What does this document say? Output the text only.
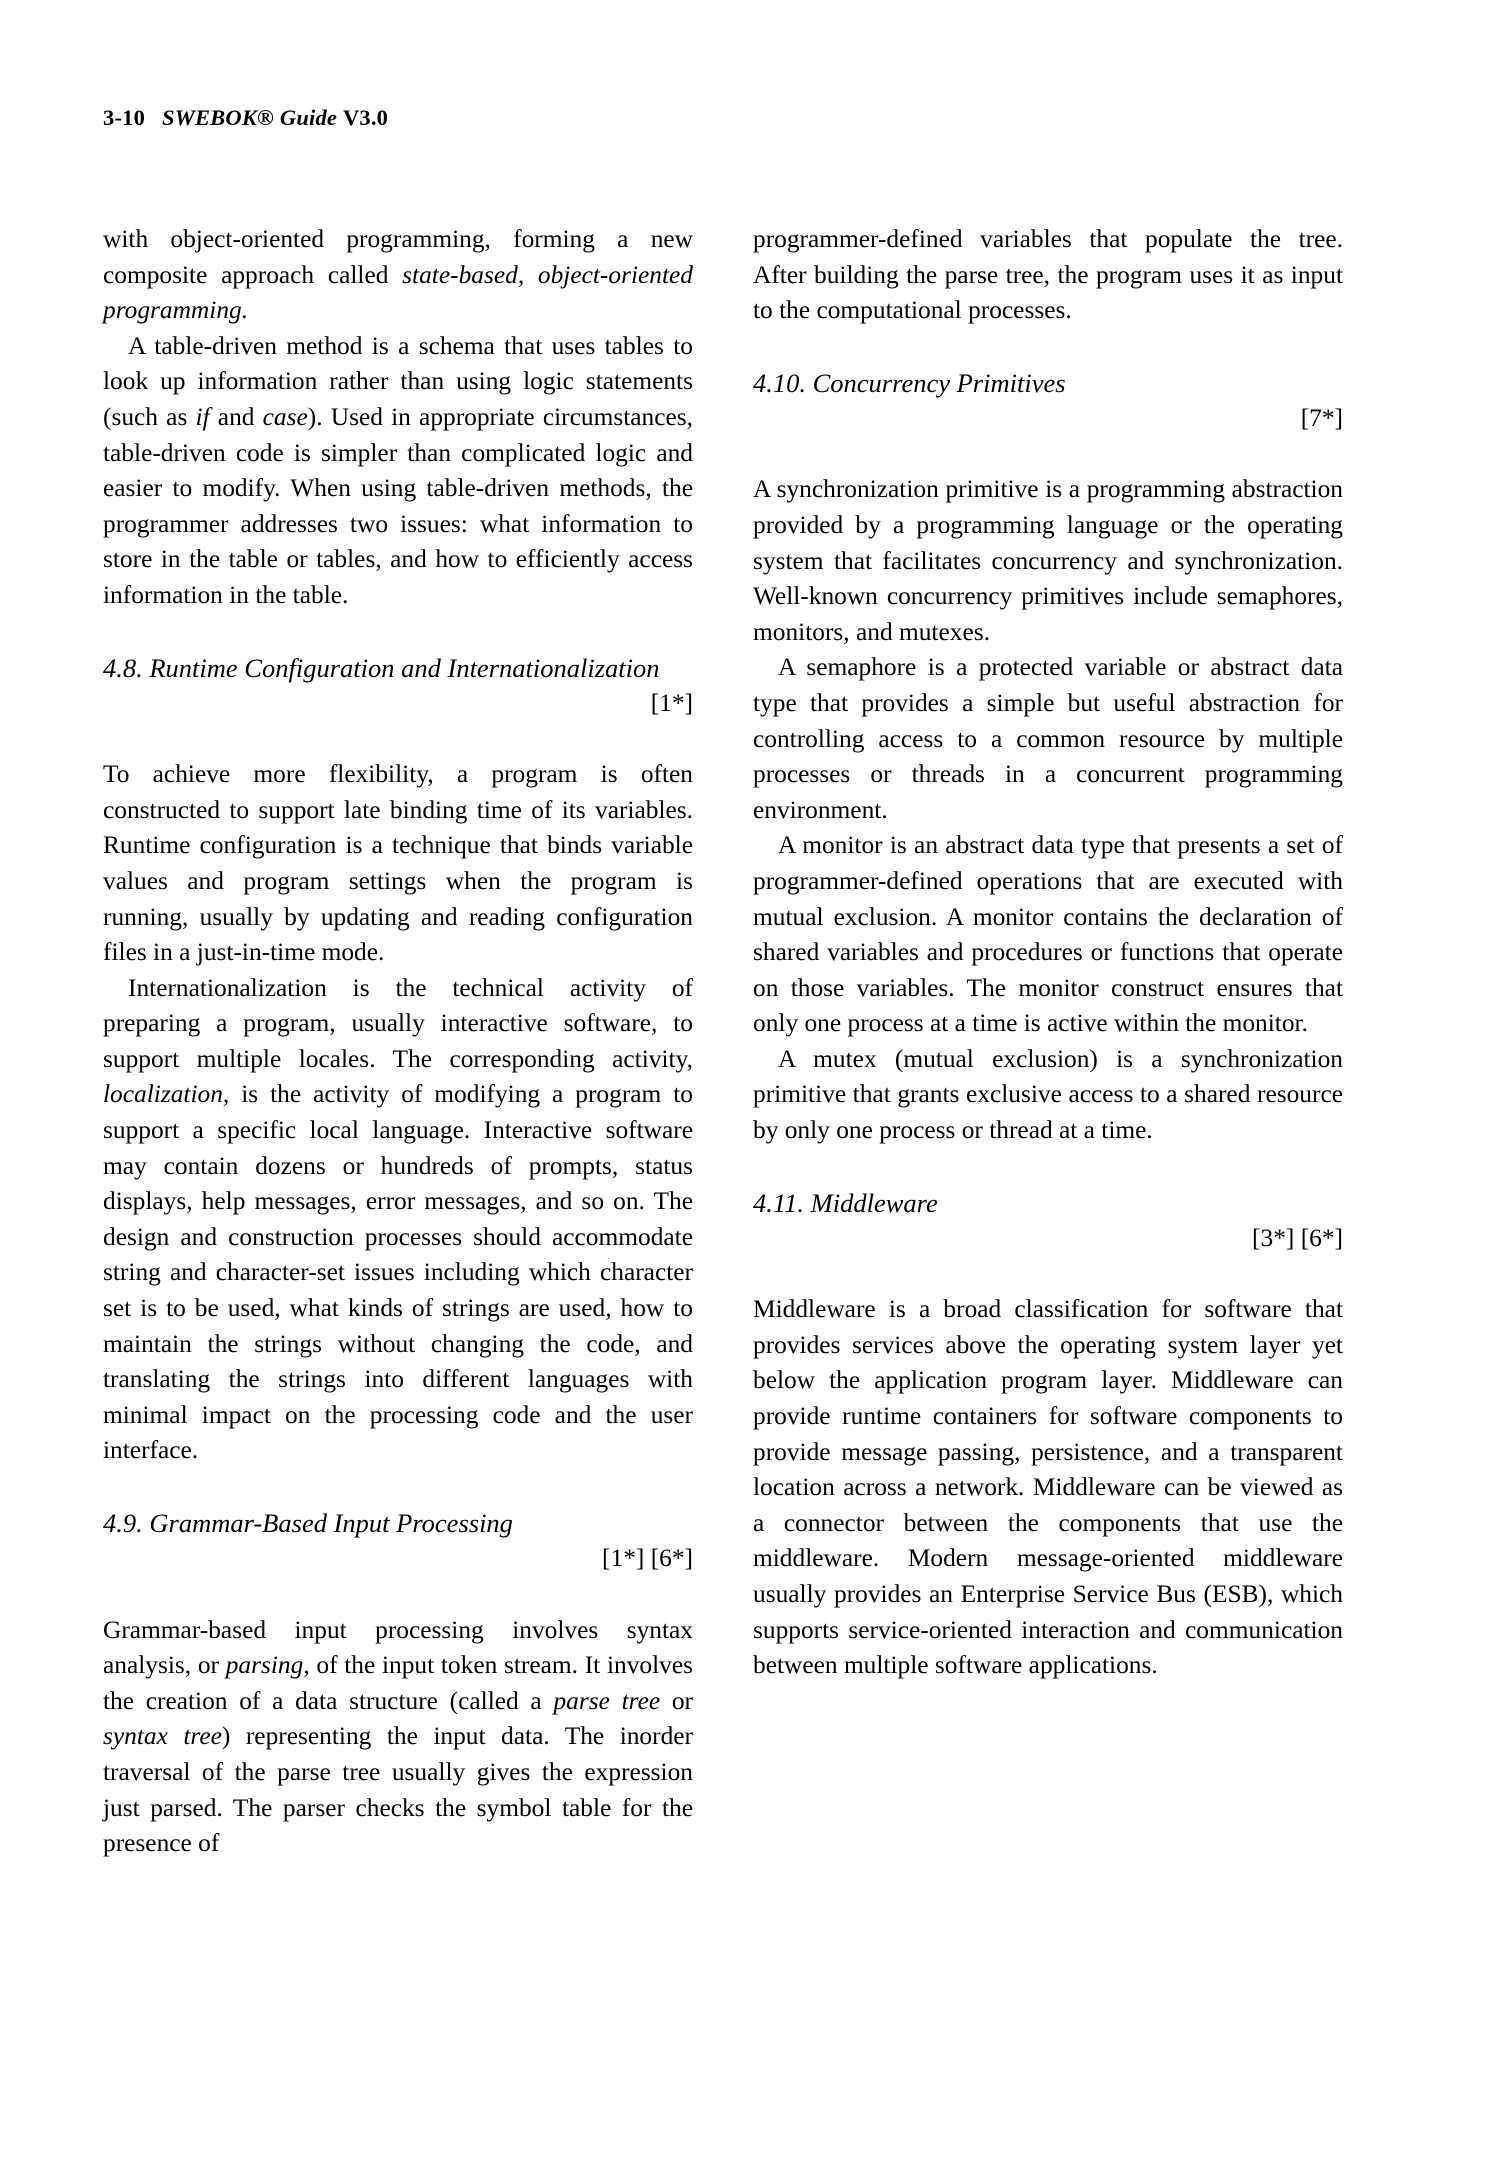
3-10 SWEBOK® Guide V3.0

with object-oriented programming, forming a new composite approach called state-based, object-oriented programming.

A table-driven method is a schema that uses tables to look up information rather than using logic statements (such as if and case). Used in appropriate circumstances, table-driven code is simpler than complicated logic and easier to modify. When using table-driven methods, the programmer addresses two issues: what information to store in the table or tables, and how to efficiently access information in the table.

4.8. Runtime Configuration and Internationalization
[1*]

To achieve more flexibility, a program is often constructed to support late binding time of its variables. Runtime configuration is a technique that binds variable values and program settings when the program is running, usually by updating and reading configuration files in a just-in-time mode.

Internationalization is the technical activity of preparing a program, usually interactive software, to support multiple locales. The corresponding activity, localization, is the activity of modifying a program to support a specific local language. Interactive software may contain dozens or hundreds of prompts, status displays, help messages, error messages, and so on. The design and construction processes should accommodate string and character-set issues including which character set is to be used, what kinds of strings are used, how to maintain the strings without changing the code, and translating the strings into different languages with minimal impact on the processing code and the user interface.

4.9. Grammar-Based Input Processing
[1*] [6*]

Grammar-based input processing involves syntax analysis, or parsing, of the input token stream. It involves the creation of a data structure (called a parse tree or syntax tree) representing the input data. The inorder traversal of the parse tree usually gives the expression just parsed. The parser checks the symbol table for the presence of

programmer-defined variables that populate the tree. After building the parse tree, the program uses it as input to the computational processes.

4.10. Concurrency Primitives
[7*]

A synchronization primitive is a programming abstraction provided by a programming language or the operating system that facilitates concurrency and synchronization. Well-known concurrency primitives include semaphores, monitors, and mutexes.

A semaphore is a protected variable or abstract data type that provides a simple but useful abstraction for controlling access to a common resource by multiple processes or threads in a concurrent programming environment.

A monitor is an abstract data type that presents a set of programmer-defined operations that are executed with mutual exclusion. A monitor contains the declaration of shared variables and procedures or functions that operate on those variables. The monitor construct ensures that only one process at a time is active within the monitor.

A mutex (mutual exclusion) is a synchronization primitive that grants exclusive access to a shared resource by only one process or thread at a time.

4.11. Middleware
[3*] [6*]

Middleware is a broad classification for software that provides services above the operating system layer yet below the application program layer. Middleware can provide runtime containers for software components to provide message passing, persistence, and a transparent location across a network. Middleware can be viewed as a connector between the components that use the middleware. Modern message-oriented middleware usually provides an Enterprise Service Bus (ESB), which supports service-oriented interaction and communication between multiple software applications.
